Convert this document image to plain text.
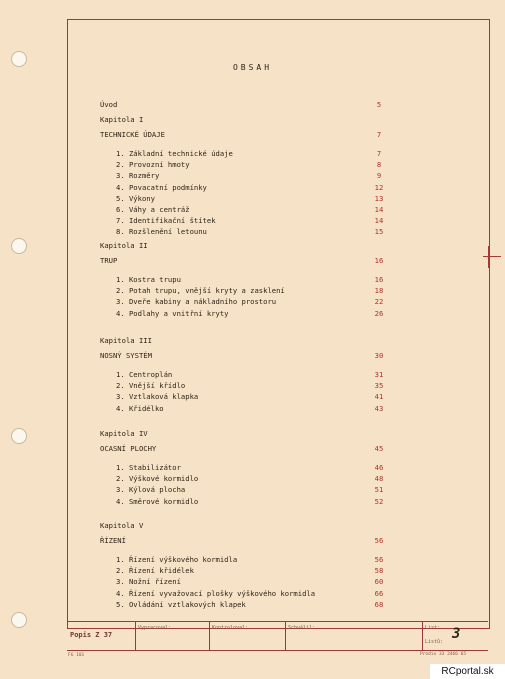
OBSAH
Úvod	5
Kapitola I
TECHNICKÉ ÚDAJE	7
1. Základní technické údaje	7
2. Provozní hmoty	8
3. Rozměry	9
4. Povacatní podmínky	12
5. Výkony	13
6. Váhy a centráž	14
7. Identifikační štítek	14
8. Rozšlenění letounu	15
Kapitola II
TRUP	16
1. Kostra trupu	16
2. Potah trupu, vnější kryty a zasklení	18
3. Dveře kabiny a nákladního prostoru	22
4. Podlahy a vnitřní kryty	26
Kapitola III
NOSNÝ SYSTÉM	30
1. Centroplán	31
2. Vnější křídlo	35
3. Vztlaková klapka	41
4. Křidélko	43
Kapitola IV
OCASNÍ PLOCHY	45
1. Stabilizátor	46
2. Výškové kormidlo	48
3. Kýlová plocha	51
4. Směrové kormidlo	52
Kapitola V
ŘÍZENÍ	56
1. Řízení výškového kormidla	56
2. Řízení křidélek	58
3. Nožní řízení	60
4. Řízení vyvažovací plošky výškového kormidla	66
5. Ovládání vztlakových klapek	68
Popis Z 37
Vypracoval:	Kontroloval:	Schválil:	List:
Listů: 3
FG 101	Prodix 33 2466 65
RCportal.sk
